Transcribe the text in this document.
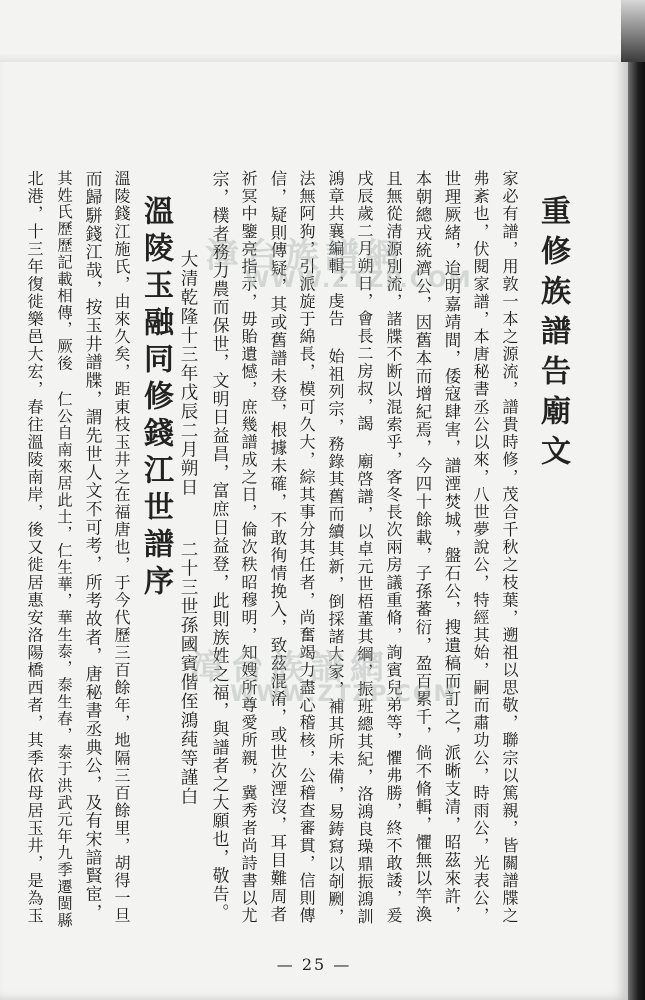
重修族譜告廟文
家必有譜，用敦一本之源流，譜貴時修，茂合千秋之枝葉，遡祖以思敬，聯宗以篤親，皆關譜牒之
弗紊也，伏閱家譜，本唐秘書丞公以來，八世夢說公，特經其始，嗣而肅功公，時雨公，光表公，
世理厥緒，迨明嘉靖間，倭寇肆害，譜湮焚城，盤石公，搜遺稿而訂之，派晰支清，昭茲來許，
本朝總戎統濟公，因舊本而增紀焉，今四十餘載，子孫蕃衍，盈百累千，倘不脩輯，懼無以竿渙
且無從清源別流，諸牒不断以混索乎，客冬長次兩房議重脩，詢賓兒弟等，懼弗勝，終不敢諉，爰
戌辰歲二月朔日，會長二房叔，謁 廟啓譜，以卓元世梧董其綱，振班總其紀，洛鴻良璪鼎振鴻訓
鴻章共襄編輯，虔告 始祖列宗，務錄其舊而續其新，倒採諸大家，補其所未備，易鋳寫以剞劂，
法無阿狗，引派旋于綿長，模可久大，綜其事分其任者，尚奮竭力盡心稽核，公稽查審貫，信則傳
信，疑則傳疑，其或舊譜未登，根據未確，不敢徇情挽入，致茲混淆，或世次湮沒，耳目難周者
祈冥中鑒亮指示，毋貽遺憾，庶幾譜成之日，倫次秩昭穆明，知嫂所尊愛所親，冀秀者尚詩書以尤
宗，樸者務力農而保世，文明日益昌，富庶日益登，此則族姓之福，與譜者之大願也，敬告。
大清乾隆十三年戊辰二月朔日
二十三世孫國賓偕侄鴻莼等謹白
溫陵玉融同修錢江世譜序
溫陵錢江施氏，由來久矣，距東枝玉井之在福唐也，于今代歷三百餘年，地隔三百餘里，胡得一旦
而歸駢錢江哉，按玉井譜牒，謂先世人文不可考，所考故者，唐秘書丞典公，及有宋諳賢宦，
其姓氏歷歷記載相傳，厥後 仁公自南來居此土，仁生華，華生泰，泰生春，泰于洪武元年九季遷閩縣
北港，十三年復徙樂邑大宏，春往溫陵南岸，後又徙居惠安洛陽橋西者，其季依母居玉井，是為玉	漳台族譜網
WWW.ZTZP.COM
漳台族譜網
WWW.ZTZP.COM
— 25 —
